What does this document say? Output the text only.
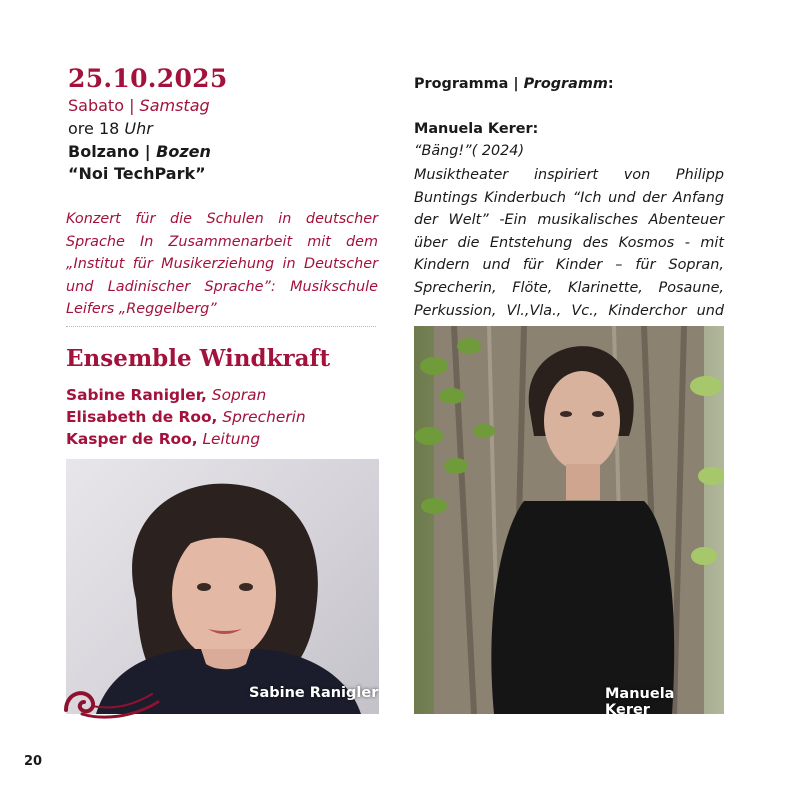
25.10.2025
Sabato | Samstag
ore 18 Uhr
Bolzano | Bozen
“Noi TechPark”
Konzert für die Schulen in deutscher Sprache In Zusammenarbeit mit dem „Institut für Musikerziehung in Deutscher und Ladinischer Sprache”: Musikschule Leifers „Reggelberg”
Ensemble Windkraft
Sabine Ranigler, Sopran
Elisabeth de Roo, Sprecherin
Kasper de Roo, Leitung
Sabine Ranigler
Programma | Programm:
Manuela Kerer:
“Bäng!”( 2024)
Musiktheater inspiriert von Philipp Buntings Kinderbuch “Ich und der Anfang der Welt” -Ein musikalisches Abenteuer über die Entstehung des Kosmos - mit Kindern und für Kinder – für Sopran, Sprecherin, Flöte, Klarinette, Posaune, Perkussion, Vl.,Vla., Vc., Kinderchor und
Manuela Kerer
20
